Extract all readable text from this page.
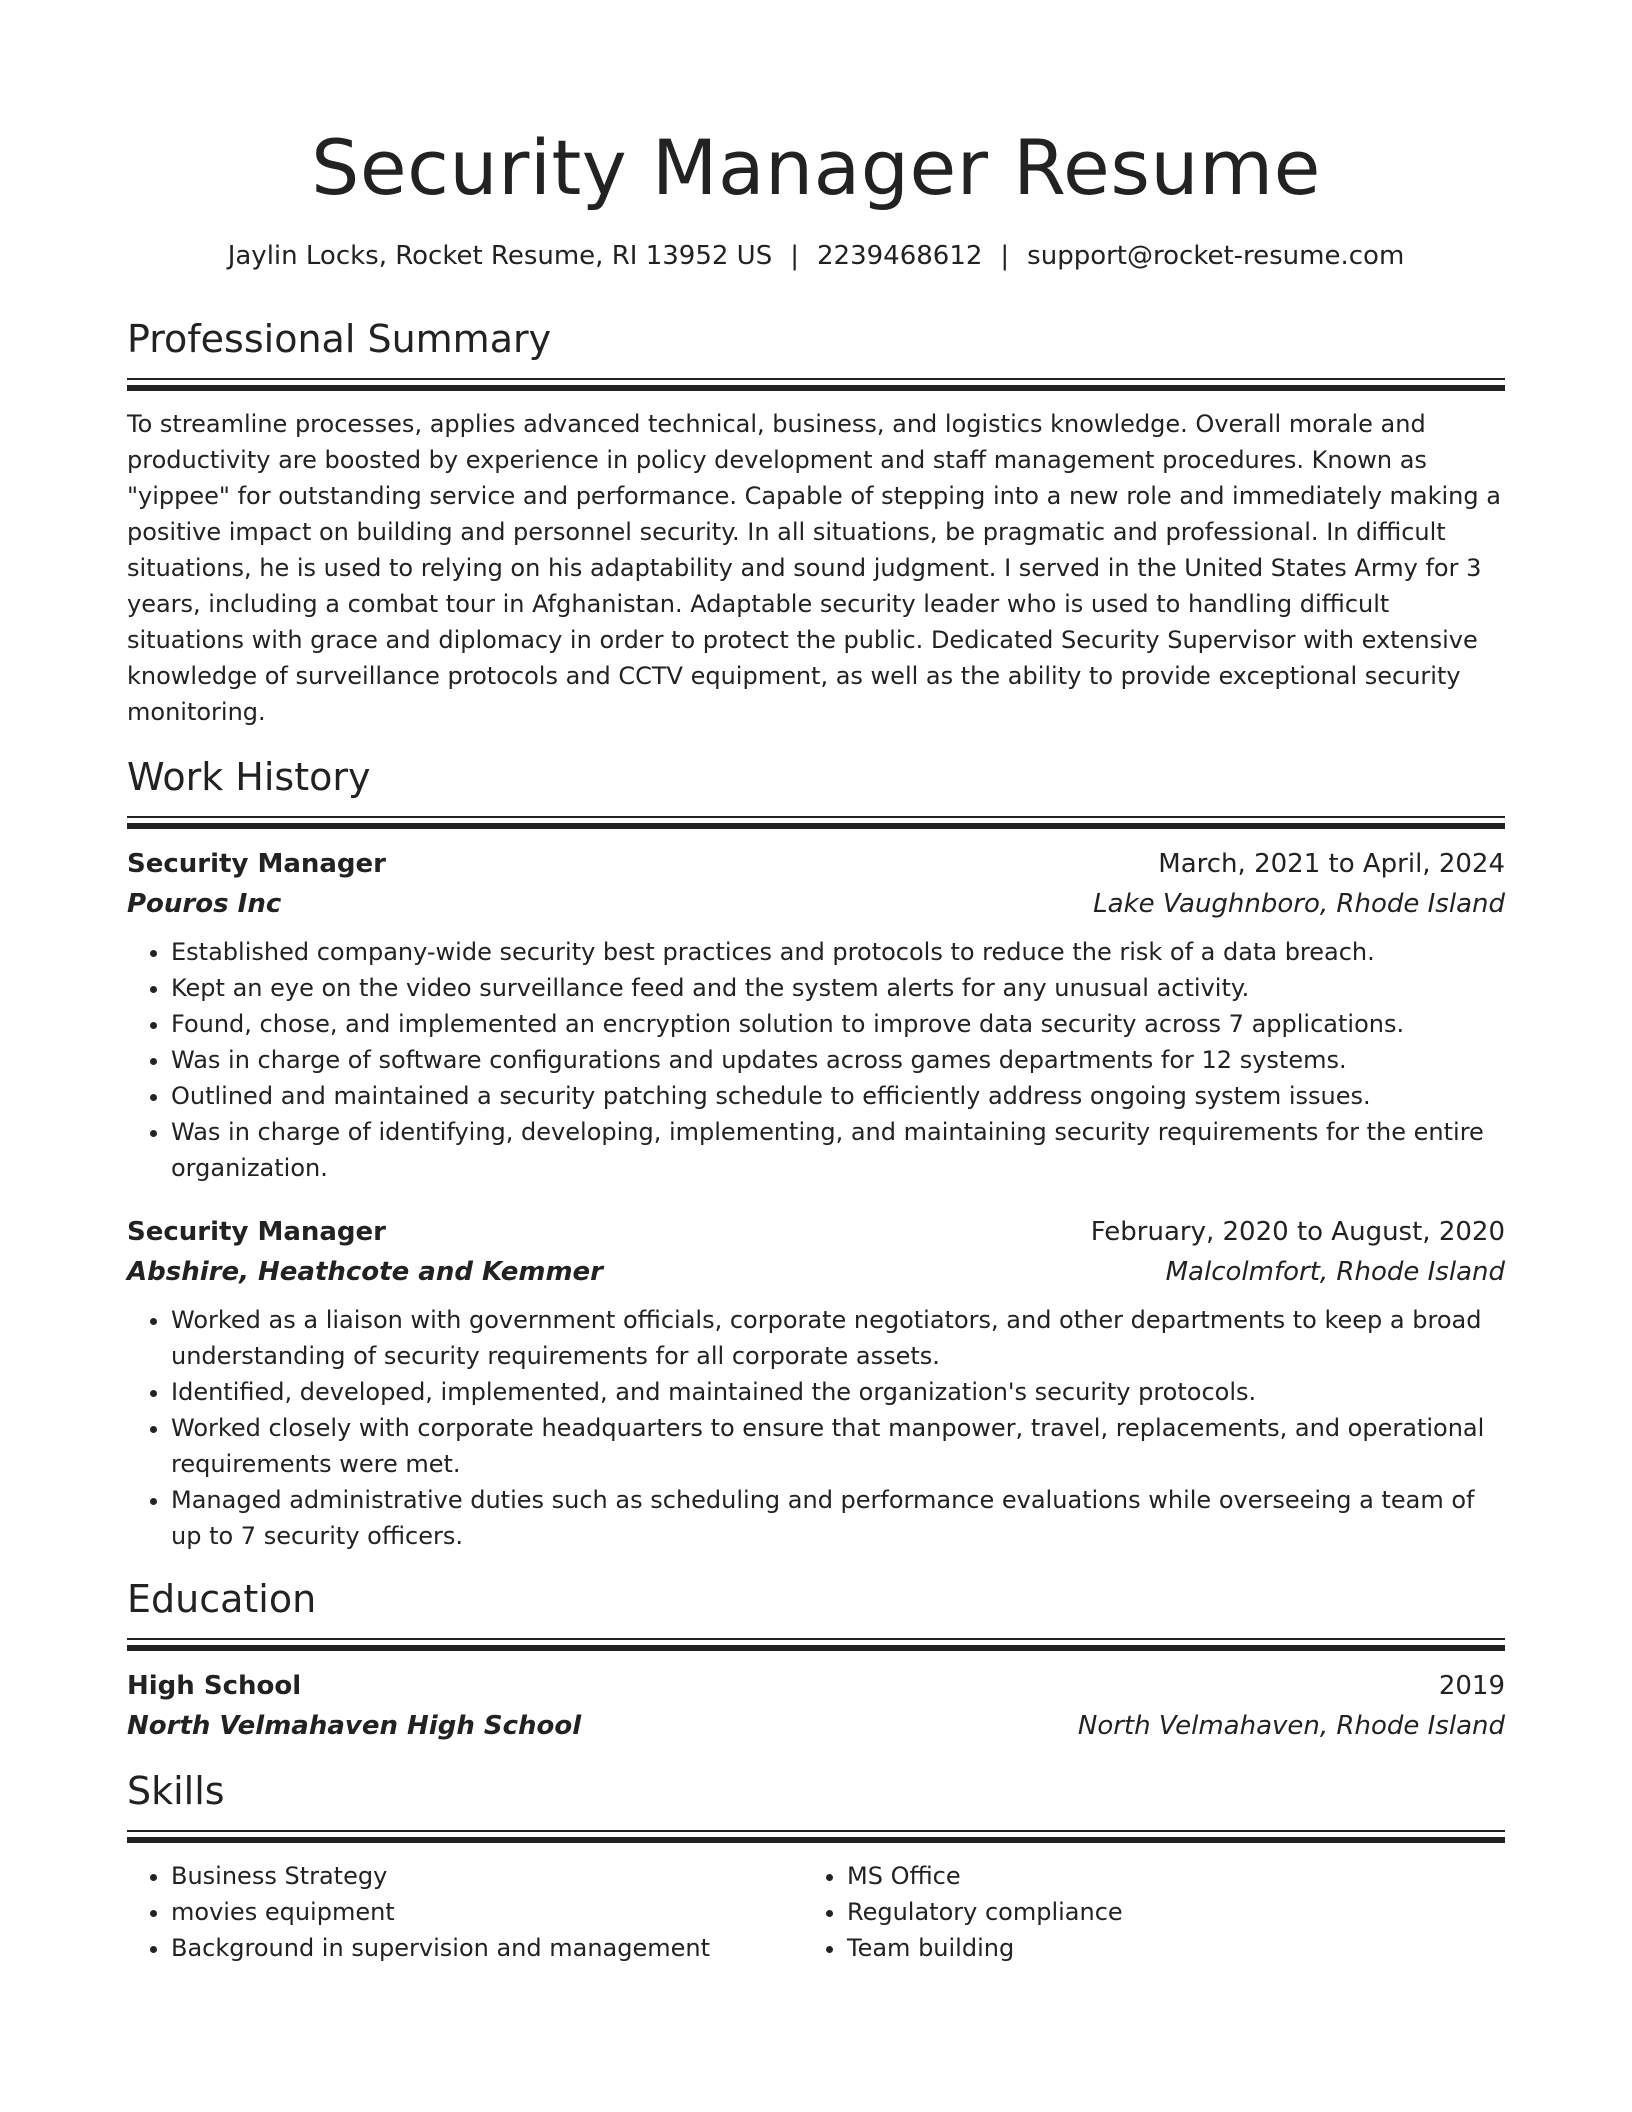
Security Manager Resume
Jaylin Locks, Rocket Resume, RI 13952 US | 2239468612 | support@rocket-resume.com
Professional Summary

To streamline processes, applies advanced technical, business, and logistics knowledge. Overall morale and productivity are boosted by experience in policy development and staff management procedures. Known as "yippee" for outstanding service and performance. Capable of stepping into a new role and immediately making a positive impact on building and personnel security. In all situations, be pragmatic and professional. In difficult situations, he is used to relying on his adaptability and sound judgment. I served in the United States Army for 3 years, including a combat tour in Afghanistan. Adaptable security leader who is used to handling difficult situations with grace and diplomacy in order to protect the public. Dedicated Security Supervisor with extensive knowledge of surveillance protocols and CCTV equipment, as well as the ability to provide exceptional security monitoring.

Work History
Security Manager	March, 2021 to April, 2024
Pouros Inc	Lake Vaughnboro, Rhode Island
• Established company-wide security best practices and protocols to reduce the risk of a data breach.
• Kept an eye on the video surveillance feed and the system alerts for any unusual activity.
• Found, chose, and implemented an encryption solution to improve data security across 7 applications.
• Was in charge of software configurations and updates across games departments for 12 systems.
• Outlined and maintained a security patching schedule to efficiently address ongoing system issues.
• Was in charge of identifying, developing, implementing, and maintaining security requirements for the entire organization.
Security Manager	February, 2020 to August, 2020
Abshire, Heathcote and Kemmer	Malcolmfort, Rhode Island
• Worked as a liaison with government officials, corporate negotiators, and other departments to keep a broad understanding of security requirements for all corporate assets.
• Identified, developed, implemented, and maintained the organization's security protocols.
• Worked closely with corporate headquarters to ensure that manpower, travel, replacements, and operational requirements were met.
• Managed administrative duties such as scheduling and performance evaluations while overseeing a team of up to 7 security officers.
Education
High School	2019
North Velmahaven High School	North Velmahaven, Rhode Island
Skills
• Business Strategy
• movies equipment
• Background in supervision and management
• MS Office
• Regulatory compliance
• Team building
